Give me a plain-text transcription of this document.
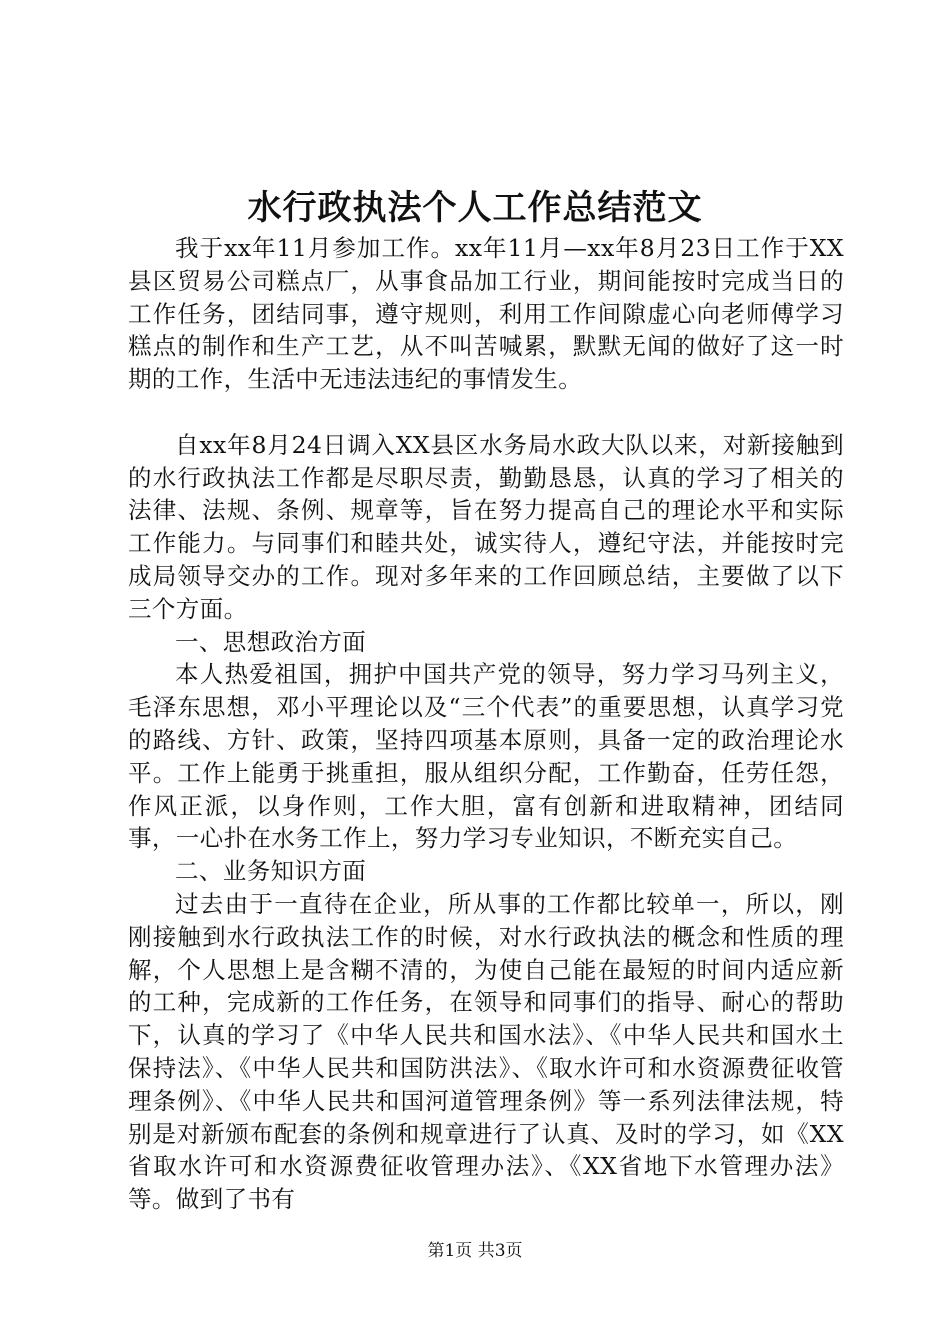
水行政执法个人工作总结范文

我于xx年11月参加工作。xx年11月—xx年8月23日工作于XX县区贸易公司糕点厂，从事食品加工行业，期间能按时完成当日的工作任务，团结同事，遵守规则，利用工作间隙虚心向老师傅学习糕点的制作和生产工艺，从不叫苦喊累，默默无闻的做好了这一时期的工作，生活中无违法违纪的事情发生。

自xx年8月24日调入XX县区水务局水政大队以来，对新接触到的水行政执法工作都是尽职尽责，勤勤恳恳，认真的学习了相关的法律、法规、条例、规章等，旨在努力提高自己的理论水平和实际工作能力。与同事们和睦共处，诚实待人，遵纪守法，并能按时完成局领导交办的工作。现对多年来的工作回顾总结，主要做了以下三个方面。

一、思想政治方面

本人热爱祖国，拥护中国共产党的领导，努力学习马列主义，毛泽东思想，邓小平理论以及“三个代表”的重要思想，认真学习党的路线、方针、政策，坚持四项基本原则，具备一定的政治理论水平。工作上能勇于挑重担，服从组织分配，工作勤奋，任劳任怨，作风正派，以身作则，工作大胆，富有创新和进取精神，团结同事，一心扑在水务工作上，努力学习专业知识，不断充实自己。

二、业务知识方面

过去由于一直待在企业，所从事的工作都比较单一，所以，刚刚接触到水行政执法工作的时候，对水行政执法的概念和性质的理解，个人思想上是含糊不清的，为使自己能在最短的时间内适应新的工种，完成新的工作任务，在领导和同事们的指导、耐心的帮助下，认真的学习了《中华人民共和国水法》、《中华人民共和国水土保持法》、《中华人民共和国防洪法》、《取水许可和水资源费征收管理条例》、《中华人民共和国河道管理条例》等一系列法律法规，特别是对新颁布配套的条例和规章进行了认真、及时的学习，如《XX省取水许可和水资源费征收管理办法》、《XX省地下水管理办法》等。做到了书有

第1页 共3页
